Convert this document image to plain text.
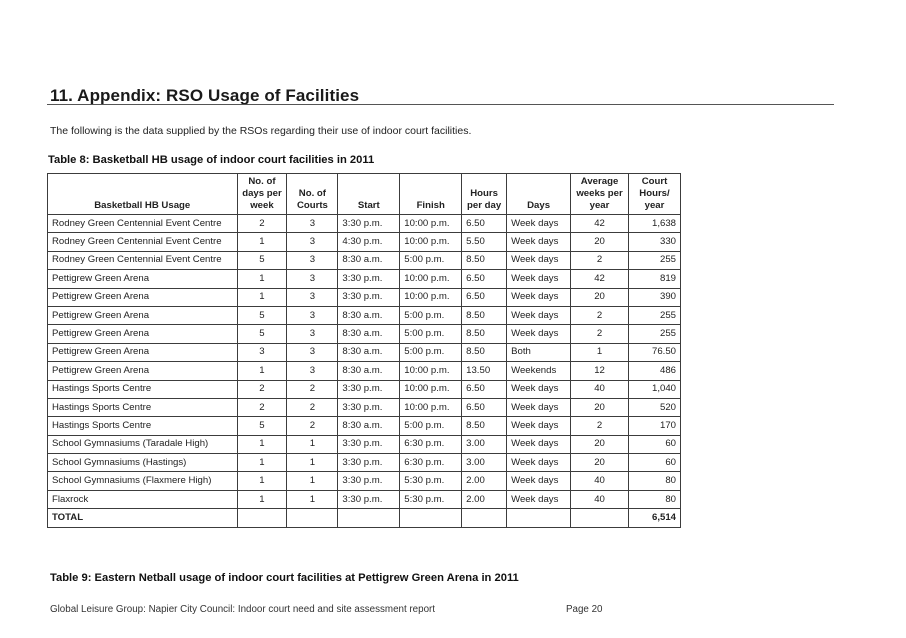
11. Appendix: RSO Usage of Facilities

The following is the data supplied by the RSOs regarding their use of indoor court facilities.

Table 8: Basketball HB usage of indoor court facilities in 2011
Basketball HB Usage	No. of days per week	No. of Courts	Start	Finish	Hours per day	Days	Average weeks per year	Court Hours/ year
Rodney Green Centennial Event Centre	2	3	3:30 p.m.	10:00 p.m.	6.50	Week days	42	1,638
Rodney Green Centennial Event Centre	1	3	4:30 p.m.	10:00 p.m.	5.50	Week days	20	330
Rodney Green Centennial Event Centre	5	3	8:30 a.m.	5:00 p.m.	8.50	Week days	2	255
Pettigrew Green Arena	1	3	3:30 p.m.	10:00 p.m.	6.50	Week days	42	819
Pettigrew Green Arena	1	3	3:30 p.m.	10:00 p.m.	6.50	Week days	20	390
Pettigrew Green Arena	5	3	8:30 a.m.	5:00 p.m.	8.50	Week days	2	255
Pettigrew Green Arena	5	3	8:30 a.m.	5:00 p.m.	8.50	Week days	2	255
Pettigrew Green Arena	3	3	8:30 a.m.	5:00 p.m.	8.50	Both	1	76.50
Pettigrew Green Arena	1	3	8:30 a.m.	10:00 p.m.	13.50	Weekends	12	486
Hastings Sports Centre	2	2	3:30 p.m.	10:00 p.m.	6.50	Week days	40	1,040
Hastings Sports Centre	2	2	3:30 p.m.	10:00 p.m.	6.50	Week days	20	520
Hastings Sports Centre	5	2	8:30 a.m.	5:00 p.m.	8.50	Week days	2	170
School Gymnasiums (Taradale High)	1	1	3:30 p.m.	6:30 p.m.	3.00	Week days	20	60
School Gymnasiums (Hastings)	1	1	3:30 p.m.	6:30 p.m.	3.00	Week days	20	60
School Gymnasiums (Flaxmere High)	1	1	3:30 p.m.	5:30 p.m.	2.00	Week days	40	80
Flaxrock	1	1	3:30 p.m.	5:30 p.m.	2.00	Week days	40	80
TOTAL								6,514
Table 9: Eastern Netball usage of indoor court facilities at Pettigrew Green Arena in 2011
Global Leisure Group: Napier City Council: Indoor court need and site assessment report	Page 20
